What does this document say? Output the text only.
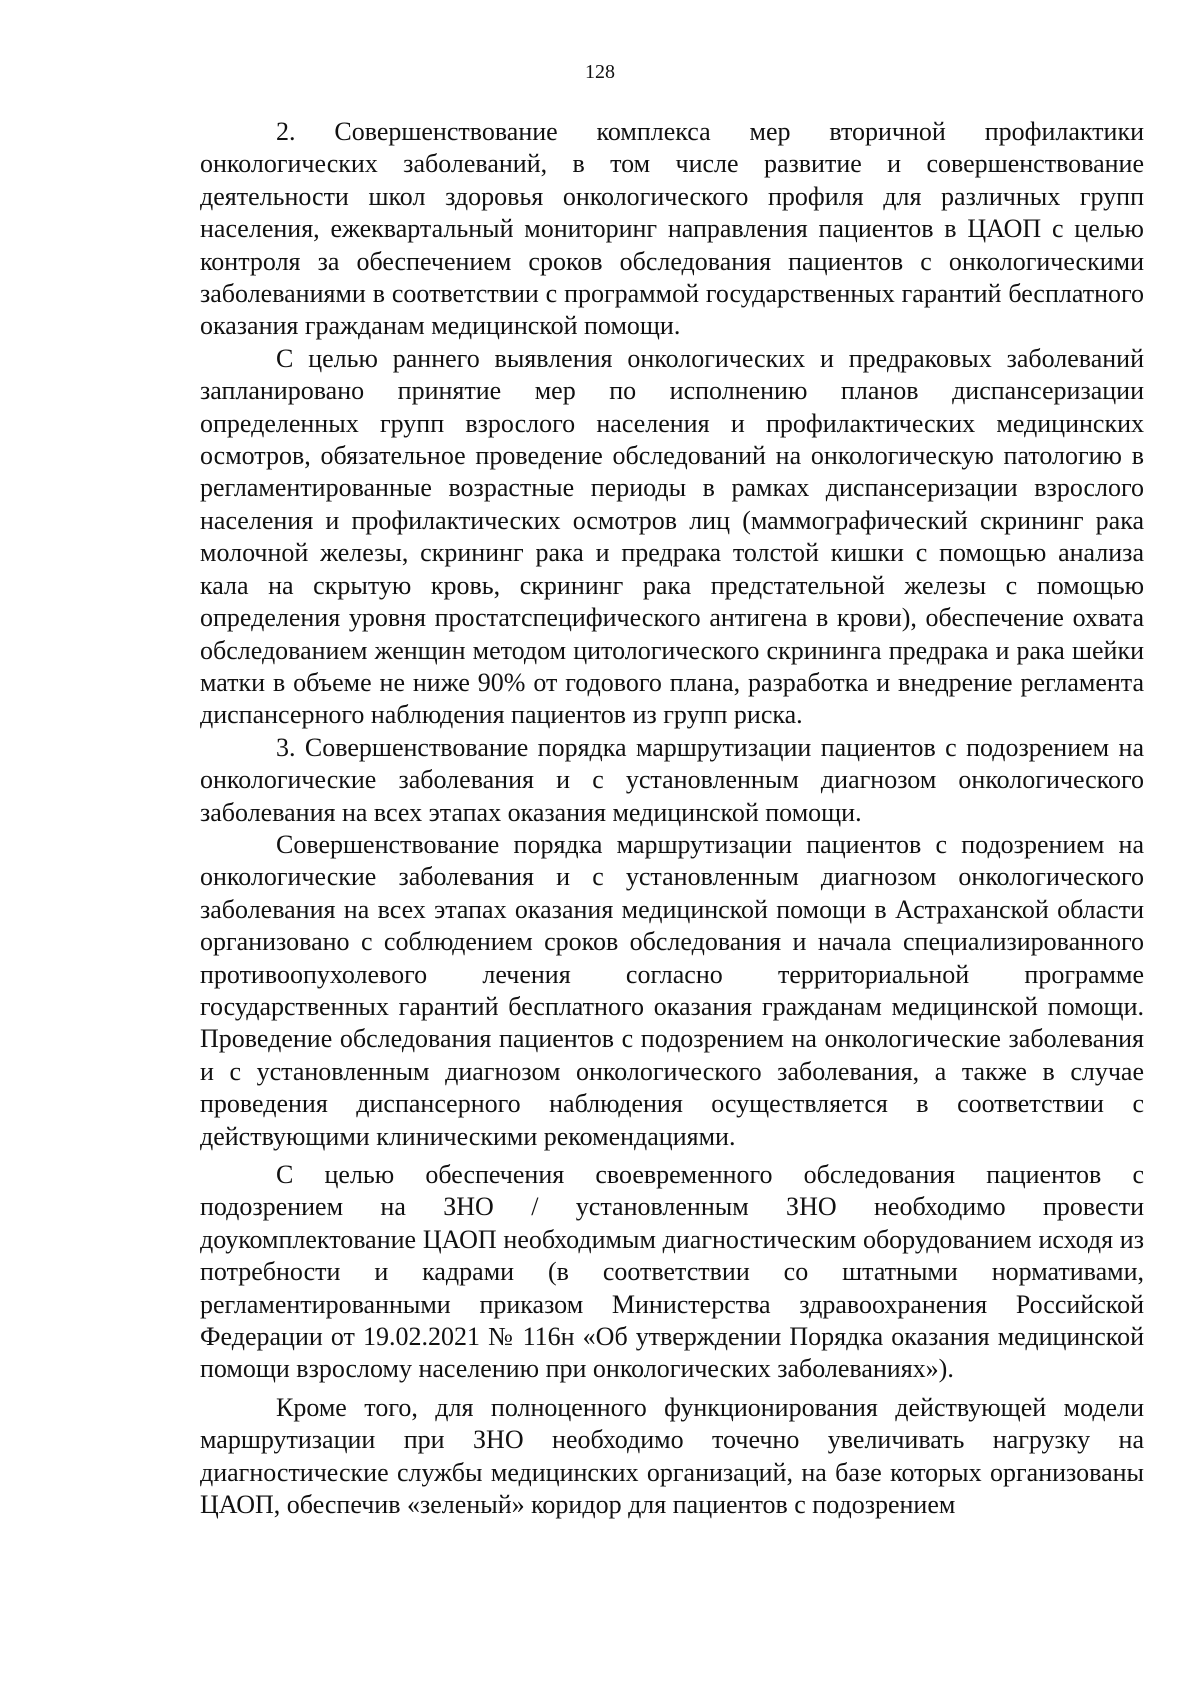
128

2. Совершенствование комплекса мер вторичной профилактики онкологических заболеваний, в том числе развитие и совершенствование деятельности школ здоровья онкологического профиля для различных групп населения, ежеквартальный мониторинг направления пациентов в ЦАОП с целью контроля за обеспечением сроков обследования пациентов с онкологическими заболеваниями в соответствии с программой государственных гарантий бесплатного оказания гражданам медицинской помощи.

С целью раннего выявления онкологических и предраковых заболеваний запланировано принятие мер по исполнению планов диспансеризации определенных групп взрослого населения и профилактических медицинских осмотров, обязательное проведение обследований на онкологическую патологию в регламентированные возрастные периоды в рамках диспансеризации взрослого населения и профилактических осмотров лиц (маммографический скрининг рака молочной железы, скрининг рака и предрака толстой кишки с помощью анализа кала на скрытую кровь, скрининг рака предстательной железы с помощью определения уровня простатспецифического антигена в крови), обеспечение охвата обследованием женщин методом цитологического скрининга предрака и рака шейки матки в объеме не ниже 90% от годового плана, разработка и внедрение регламента диспансерного наблюдения пациентов из групп риска.

3. Совершенствование порядка маршрутизации пациентов с подозрением на онкологические заболевания и с установленным диагнозом онкологического заболевания на всех этапах оказания медицинской помощи.

Совершенствование порядка маршрутизации пациентов с подозрением на онкологические заболевания и с установленным диагнозом онкологического заболевания на всех этапах оказания медицинской помощи в Астраханской области организовано с соблюдением сроков обследования и начала специализированного противоопухолевого лечения согласно территориальной программе государственных гарантий бесплатного оказания гражданам медицинской помощи. Проведение обследования пациентов с подозрением на онкологические заболевания и с установленным диагнозом онкологического заболевания, а также в случае проведения диспансерного наблюдения осуществляется в соответствии с действующими клиническими рекомендациями.

С целью обеспечения своевременного обследования пациентов с подозрением на ЗНО / установленным ЗНО необходимо провести доукомплектование ЦАОП необходимым диагностическим оборудованием исходя из потребности и кадрами (в соответствии со штатными нормативами, регламентированными приказом Министерства здравоохранения Российской Федерации от 19.02.2021 № 116н «Об утверждении Порядка оказания медицинской помощи взрослому населению при онкологических заболеваниях»).

Кроме того, для полноценного функционирования действующей модели маршрутизации при ЗНО необходимо точечно увеличивать нагрузку на диагностические службы медицинских организаций, на базе которых организованы ЦАОП, обеспечив «зеленый» коридор для пациентов с подозрением
